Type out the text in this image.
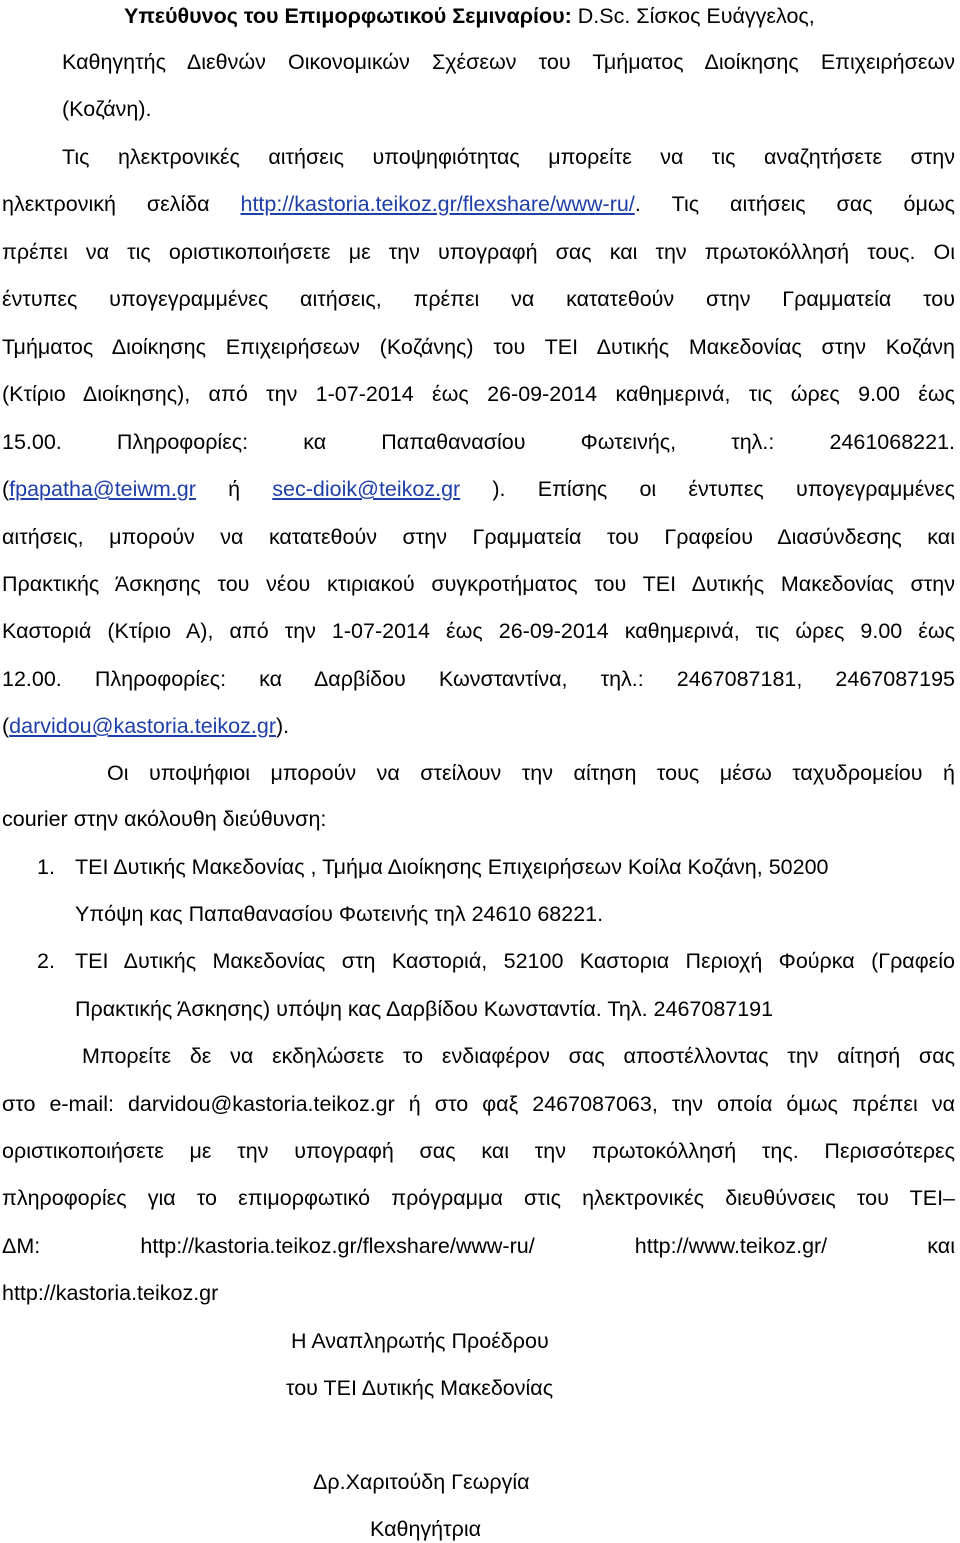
Υπεύθυνος του Επιμορφωτικού Σεμιναρίου: D.Sc. Σίσκος Ευάγγελος,
Καθηγητής Διεθνών Οικονομικών Σχέσεων του Τμήματος Διοίκησης Επιχειρήσεων
(Κοζάνη).
Τις ηλεκτρονικές αιτήσεις υποψηφιότητας μπορείτε να τις αναζητήσετε στην
ηλεκτρονική σελίδα http://kastoria.teikoz.gr/flexshare/www-ru/. Τις αιτήσεις σας όμως
πρέπει να τις οριστικοποιήσετε με την υπογραφή σας και την πρωτοκόλλησή τους. Οι
έντυπες υπογεγραμμένες αιτήσεις, πρέπει να κατατεθούν στην Γραμματεία του
Τμήματος Διοίκησης Επιχειρήσεων (Κοζάνης) του ΤΕΙ Δυτικής Μακεδονίας στην Κοζάνη
(Κτίριο Διοίκησης), από την 1-07-2014 έως 26-09-2014 καθημερινά, τις ώρες 9.00 έως
15.00. Πληροφορίες: κα Παπαθανασίου Φωτεινής, τηλ.: 2461068221.
(fpapatha@teiwm.gr ή sec-dioik@teikoz.gr ). Επίσης οι έντυπες υπογεγραμμένες
αιτήσεις, μπορούν να κατατεθούν στην Γραμματεία του Γραφείου Διασύνδεσης και
Πρακτικής Άσκησης του νέου κτιριακού συγκροτήματος του ΤΕΙ Δυτικής Μακεδονίας στην
Καστοριά (Κτίριο Α), από την 1-07-2014 έως 26-09-2014 καθημερινά, τις ώρες 9.00 έως
12.00. Πληροφορίες: κα Δαρβίδου Κωνσταντίνα, τηλ.: 2467087181, 2467087195
(darvidou@kastoria.teikoz.gr).
Οι υποψήφιοι μπορούν να στείλουν την αίτηση τους μέσω ταχυδρομείου ή
courier στην ακόλουθη διεύθυνση:
1. ΤΕΙ Δυτικής Μακεδονίας , Τμήμα Διοίκησης Επιχειρήσεων Κοίλα Κοζάνη, 50200
Υπόψη κας Παπαθανασίου Φωτεινής τηλ 24610 68221.
2. ΤΕΙ Δυτικής Μακεδονίας στη Καστοριά, 52100 Καστορια Περιοχή Φούρκα (Γραφείο
Πρακτικής Άσκησης) υπόψη κας Δαρβίδου Κωνσταντία. Τηλ. 2467087191
Μπορείτε δε να εκδηλώσετε το ενδιαφέρον σας αποστέλλοντας την αίτησή σας
στο e-mail: darvidou@kastoria.teikoz.gr ή στο φαξ 2467087063, την οποία όμως πρέπει να
οριστικοποιήσετε με την υπογραφή σας και την πρωτοκόλλησή της. Περισσότερες
πληροφορίες για το επιμορφωτικό πρόγραμμα στις ηλεκτρονικές διευθύνσεις του ΤΕΙ–
ΔΜ:	http://kastoria.teikoz.gr/flexshare/www-ru/	http://www.teikoz.gr/	και
http://kastoria.teikoz.gr
Η Αναπληρωτής Προέδρου
του ΤΕΙ Δυτικής Μακεδονίας
Δρ.Χαριτούδη Γεωργία
Καθηγήτρια
